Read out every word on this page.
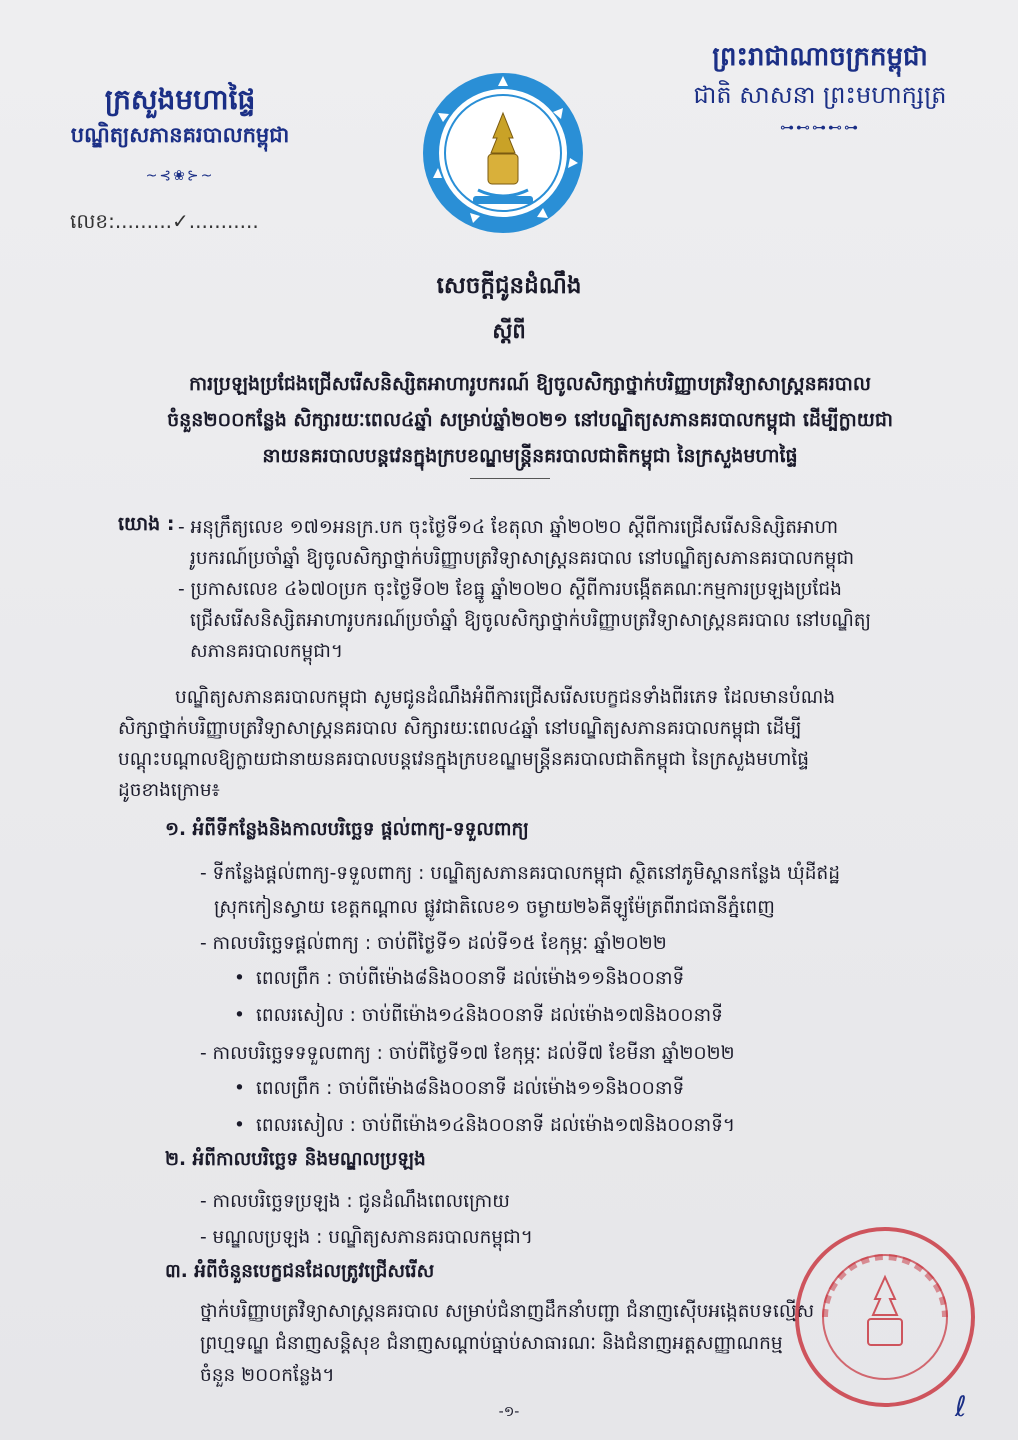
ក្រសួងមហាផ្ទៃ
បណ្ឌិត្យសភានគរបាលកម្ពុជា
~⊰❀⊱~
លេខ:.........✓...........
ព្រះរាជាណាចក្រកម្ពុជា
ជាតិ សាសនា ព្រះមហាក្សត្រ
⊶⊷⊶⊷⊶
សេចក្ដីជូនដំណឹង
ស្ដីពី
ការប្រឡងប្រជែងជ្រើសរើសនិស្សិតអាហារូបករណ៍ ឱ្យចូលសិក្សាថ្នាក់បរិញ្ញាបត្រវិទ្យាសាស្ត្រនគរបាល
ចំនួន២០០កន្លែង សិក្សារយៈពេល៤ឆ្នាំ សម្រាប់ឆ្នាំ២០២១ នៅបណ្ឌិត្យសភានគរបាលកម្ពុជា ដើម្បីក្លាយជា
នាយនគរបាលបន្តវេនក្នុងក្របខណ្ឌមន្ត្រីនគរបាលជាតិកម្ពុជា នៃក្រសួងមហាផ្ទៃ
យោង : - អនុក្រឹត្យលេខ ១៧១អនក្រ.បក ចុះថ្ងៃទី១៤ ខែតុលា ឆ្នាំ២០២០ ស្ដីពីការជ្រើសរើសនិស្សិតអាហា
រូបករណ៍ប្រចាំឆ្នាំ ឱ្យចូលសិក្សាថ្នាក់បរិញ្ញាបត្រវិទ្យាសាស្ត្រនគរបាល នៅបណ្ឌិត្យសភានគរបាលកម្ពុជា
- ប្រកាសលេខ ៤៦៧០ប្រក ចុះថ្ងៃទី០២ ខែធ្នូ ឆ្នាំ២០២០ ស្ដីពីការបង្កើតគណៈកម្មការប្រឡងប្រជែង
ជ្រើសរើសនិស្សិតអាហារូបករណ៍ប្រចាំឆ្នាំ ឱ្យចូលសិក្សាថ្នាក់បរិញ្ញាបត្រវិទ្យាសាស្ត្រនគរបាល នៅបណ្ឌិត្យ
សភានគរបាលកម្ពុជា។
បណ្ឌិត្យសភានគរបាលកម្ពុជា សូមជូនដំណឹងអំពីការជ្រើសរើសបេក្ខជនទាំងពីរភេទ ដែលមានបំណង
សិក្សាថ្នាក់បរិញ្ញាបត្រវិទ្យាសាស្ត្រនគរបាល សិក្សារយៈពេល៤ឆ្នាំ នៅបណ្ឌិត្យសភានគរបាលកម្ពុជា ដើម្បី
បណ្ដុះបណ្ដាលឱ្យក្លាយជានាយនគរបាលបន្តវេនក្នុងក្របខណ្ឌមន្ត្រីនគរបាលជាតិកម្ពុជា នៃក្រសួងមហាផ្ទៃ
ដូចខាងក្រោម៖
១. អំពីទីកន្លែងនិងកាលបរិច្ឆេទ ផ្ដល់ពាក្យ-ទទួលពាក្យ
- ទីកន្លែងផ្ដល់ពាក្យ-ទទួលពាក្យ : បណ្ឌិត្យសភានគរបាលកម្ពុជា ស្ថិតនៅភូមិស្ពានកន្លែង ឃុំដីឥដ្ឋ
ស្រុកកៀនស្វាយ ខេត្តកណ្ដាល ផ្លូវជាតិលេខ១ ចម្ងាយ២៦គីឡូម៉ែត្រពីរាជធានីភ្នំពេញ
- កាលបរិច្ឆេទផ្ដល់ពាក្យ : ចាប់ពីថ្ងៃទី១ ដល់ទី១៥ ខែកុម្ភៈ ឆ្នាំ២០២២
• ពេលព្រឹក : ចាប់ពីម៉ោង៨និង០០នាទី ដល់ម៉ោង១១និង០០នាទី
• ពេលរសៀល : ចាប់ពីម៉ោង១៤និង០០នាទី ដល់ម៉ោង១៧និង០០នាទី
- កាលបរិច្ឆេទទទួលពាក្យ : ចាប់ពីថ្ងៃទី១៧ ខែកុម្ភៈ ដល់ទី៧ ខែមីនា ឆ្នាំ២០២២
• ពេលព្រឹក : ចាប់ពីម៉ោង៨និង០០នាទី ដល់ម៉ោង១១និង០០នាទី
• ពេលរសៀល : ចាប់ពីម៉ោង១៤និង០០នាទី ដល់ម៉ោង១៧និង០០នាទី។
២. អំពីកាលបរិច្ឆេទ និងមណ្ឌលប្រឡង
- កាលបរិច្ឆេទប្រឡង : ជូនដំណឹងពេលក្រោយ
- មណ្ឌលប្រឡង : បណ្ឌិត្យសភានគរបាលកម្ពុជា។
៣. អំពីចំនួនបេក្ខជនដែលត្រូវជ្រើសរើស
ថ្នាក់បរិញ្ញាបត្រវិទ្យាសាស្ត្រនគរបាល សម្រាប់ជំនាញដឹកនាំបញ្ជា ជំនាញស៊ើបអង្កេតបទល្មើស
ព្រហ្មទណ្ឌ ជំនាញសន្ដិសុខ ជំនាញសណ្ដាប់ធ្នាប់សាធារណៈ និងជំនាញអត្តសញ្ញាណកម្ម
ចំនួន ២០០កន្លែង។
ℓ
-១-
